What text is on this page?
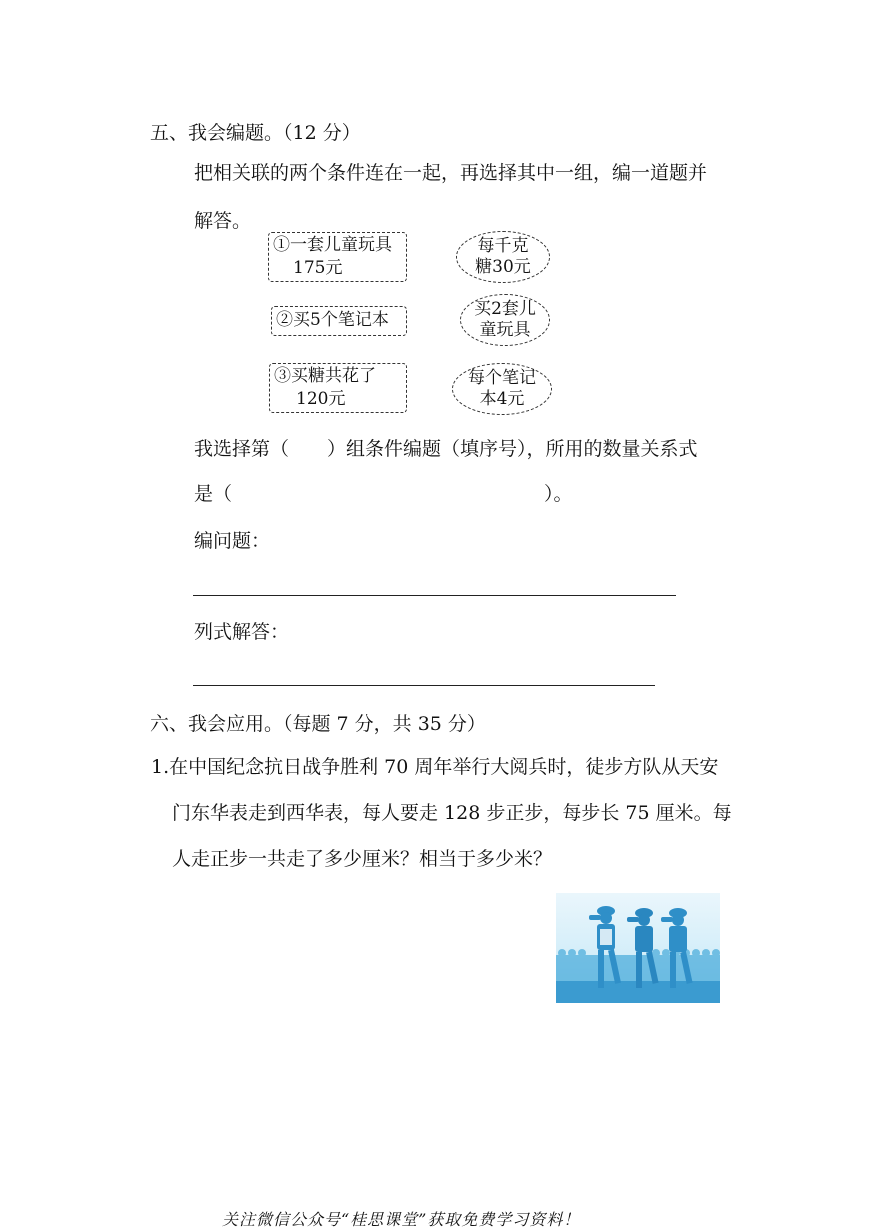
五、我会编题。（12 分）
把相关联的两个条件连在一起，再选择其中一组，编一道题并
解答。
①一套儿童玩具
175元
②买5个笔记本
③买糖共花了
120元
每千克
糖30元
买2套儿
童玩具
每个笔记
本4元
我选择第（　　）组条件编题（填序号），所用的数量关系式
是（	）。
编问题：
列式解答：
六、我会应用。（每题 7 分，共 35 分）
1.在中国纪念抗日战争胜利 70 周年举行大阅兵时，徒步方队从天安
门东华表走到西华表，每人要走 128 步正步，每步长 75 厘米。每
人走正步一共走了多少厘米？相当于多少米？
关注微信公众号“桂思课堂”获取免费学习资料！
